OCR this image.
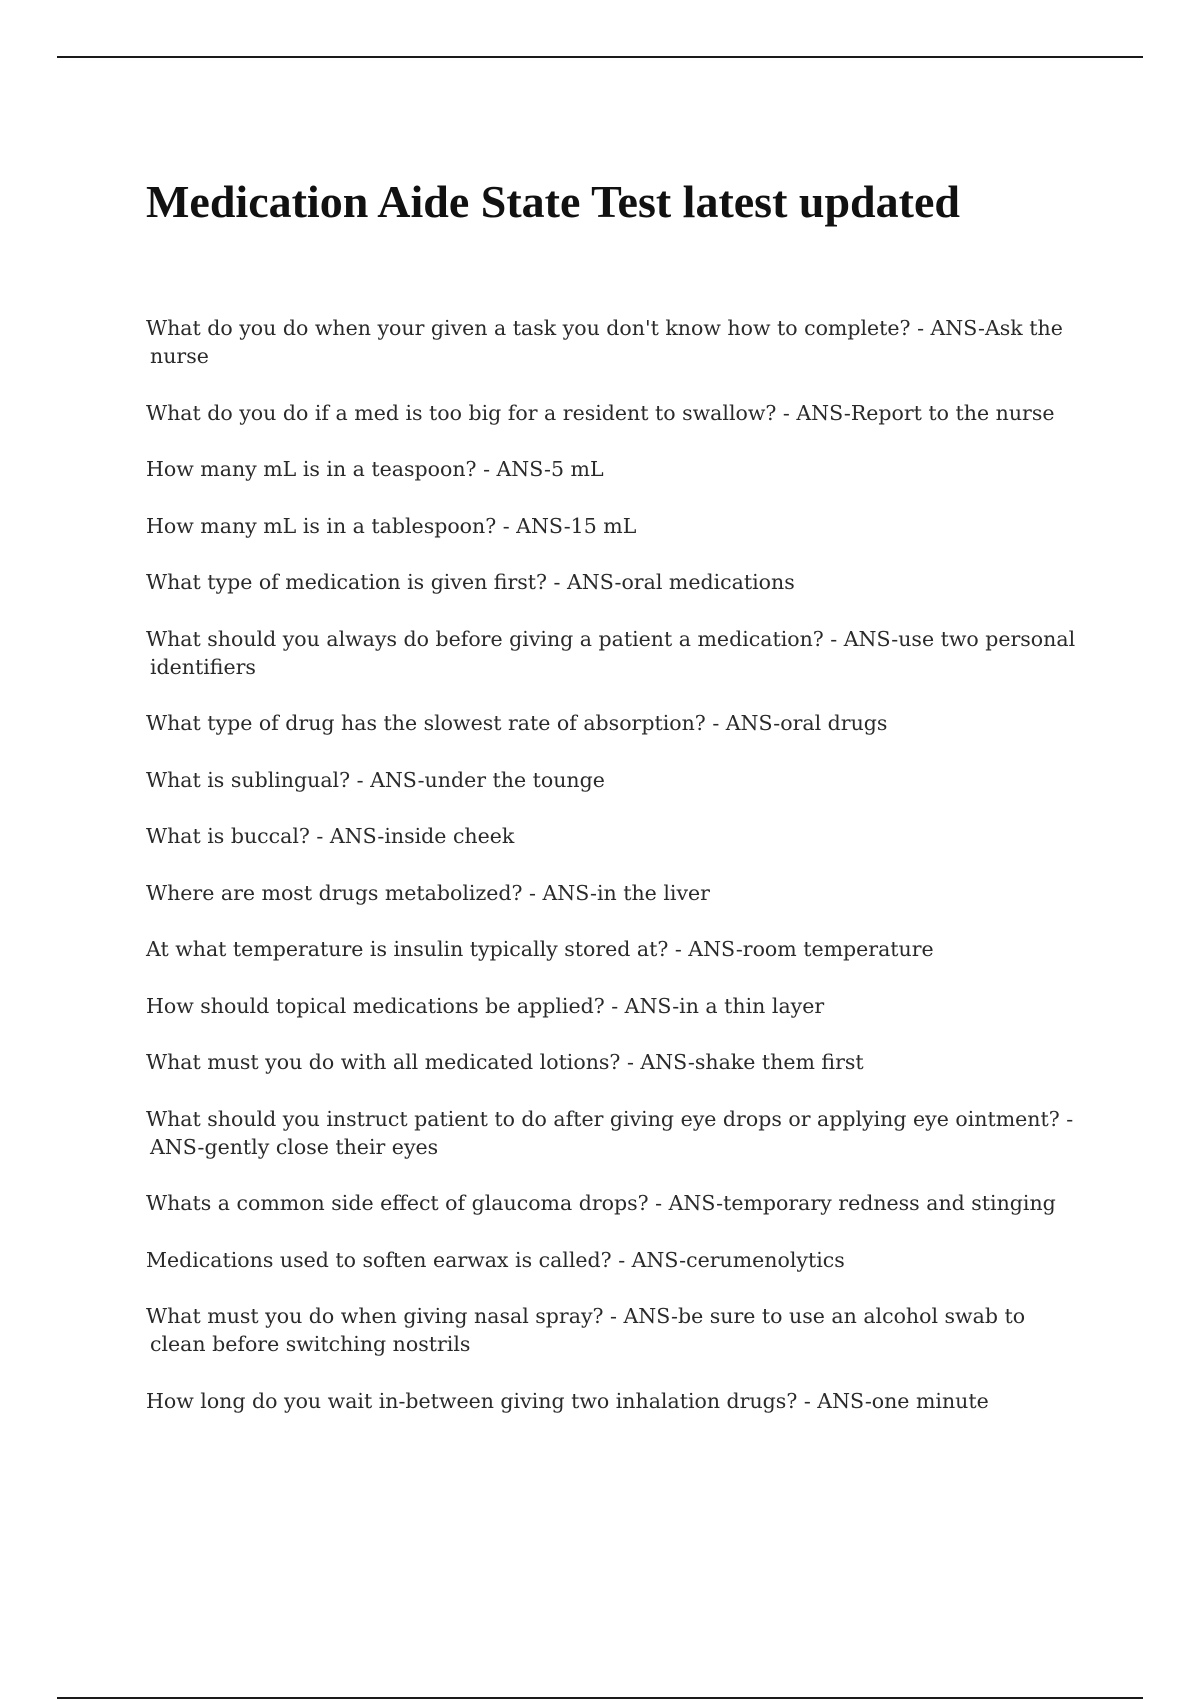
Medication Aide State Test latest updated
What do you do when your given a task you don't know how to complete? - ANS-Ask the nurse
What do you do if a med is too big for a resident to swallow? - ANS-Report to the nurse
How many mL is in a teaspoon? - ANS-5 mL
How many mL is in a tablespoon? - ANS-15 mL
What type of medication is given first? - ANS-oral medications
What should you always do before giving a patient a medication? - ANS-use two personal identifiers
What type of drug has the slowest rate of absorption? - ANS-oral drugs
What is sublingual? - ANS-under the tounge
What is buccal? - ANS-inside cheek
Where are most drugs metabolized? - ANS-in the liver
At what temperature is insulin typically stored at? - ANS-room temperature
How should topical medications be applied? - ANS-in a thin layer
What must you do with all medicated lotions? - ANS-shake them first
What should you instruct patient to do after giving eye drops or applying eye ointment? - ANS-gently close their eyes
Whats a common side effect of glaucoma drops? - ANS-temporary redness and stinging
Medications used to soften earwax is called? - ANS-cerumenolytics
What must you do when giving nasal spray? - ANS-be sure to use an alcohol swab to clean before switching nostrils
How long do you wait in-between giving two inhalation drugs? - ANS-one minute
